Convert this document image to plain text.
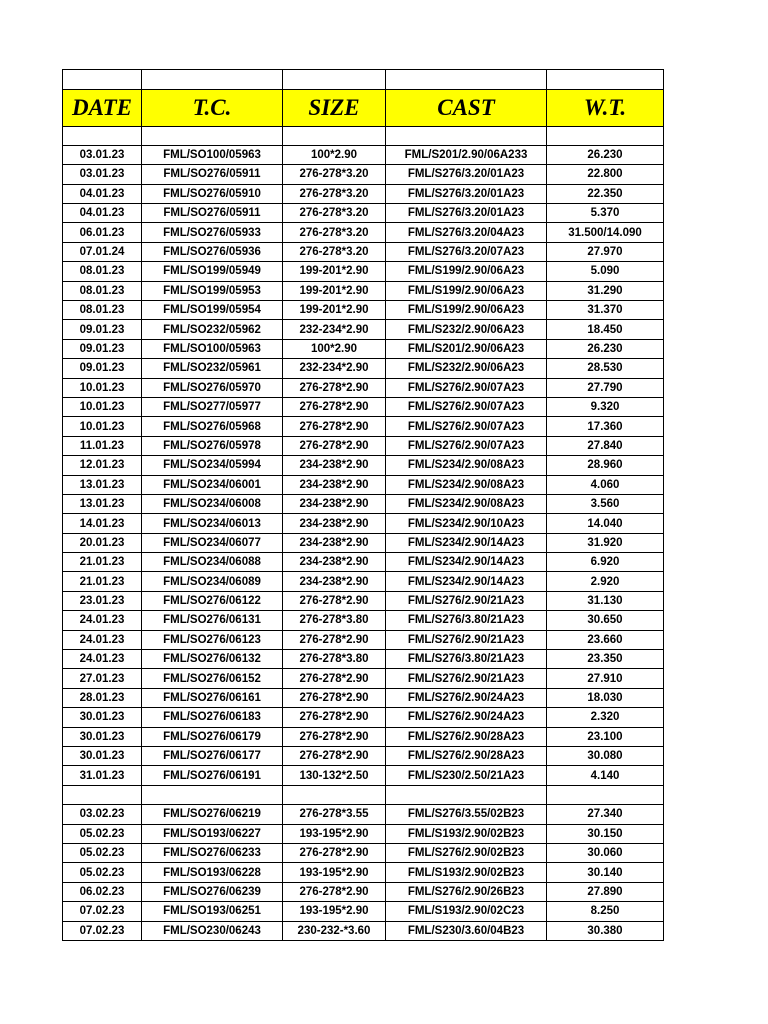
DATE	T.C.	SIZE	CAST	W.T.

03.01.23	FML/SO100/05963	100*2.90	FML/S201/2.90/06A233	26.230
03.01.23	FML/SO276/05911	276-278*3.20	FML/S276/3.20/01A23	22.800
04.01.23	FML/SO276/05910	276-278*3.20	FML/S276/3.20/01A23	22.350
04.01.23	FML/SO276/05911	276-278*3.20	FML/S276/3.20/01A23	5.370
06.01.23	FML/SO276/05933	276-278*3.20	FML/S276/3.20/04A23	31.500/14.090
07.01.24	FML/SO276/05936	276-278*3.20	FML/S276/3.20/07A23	27.970
08.01.23	FML/SO199/05949	199-201*2.90	FML/S199/2.90/06A23	5.090
08.01.23	FML/SO199/05953	199-201*2.90	FML/S199/2.90/06A23	31.290
08.01.23	FML/SO199/05954	199-201*2.90	FML/S199/2.90/06A23	31.370
09.01.23	FML/SO232/05962	232-234*2.90	FML/S232/2.90/06A23	18.450
09.01.23	FML/SO100/05963	100*2.90	FML/S201/2.90/06A23	26.230
09.01.23	FML/SO232/05961	232-234*2.90	FML/S232/2.90/06A23	28.530
10.01.23	FML/SO276/05970	276-278*2.90	FML/S276/2.90/07A23	27.790
10.01.23	FML/SO277/05977	276-278*2.90	FML/S276/2.90/07A23	9.320
10.01.23	FML/SO276/05968	276-278*2.90	FML/S276/2.90/07A23	17.360
11.01.23	FML/SO276/05978	276-278*2.90	FML/S276/2.90/07A23	27.840
12.01.23	FML/SO234/05994	234-238*2.90	FML/S234/2.90/08A23	28.960
13.01.23	FML/SO234/06001	234-238*2.90	FML/S234/2.90/08A23	4.060
13.01.23	FML/SO234/06008	234-238*2.90	FML/S234/2.90/08A23	3.560
14.01.23	FML/SO234/06013	234-238*2.90	FML/S234/2.90/10A23	14.040
20.01.23	FML/SO234/06077	234-238*2.90	FML/S234/2.90/14A23	31.920
21.01.23	FML/SO234/06088	234-238*2.90	FML/S234/2.90/14A23	6.920
21.01.23	FML/SO234/06089	234-238*2.90	FML/S234/2.90/14A23	2.920
23.01.23	FML/SO276/06122	276-278*2.90	FML/S276/2.90/21A23	31.130
24.01.23	FML/SO276/06131	276-278*3.80	FML/S276/3.80/21A23	30.650
24.01.23	FML/SO276/06123	276-278*2.90	FML/S276/2.90/21A23	23.660
24.01.23	FML/SO276/06132	276-278*3.80	FML/S276/3.80/21A23	23.350
27.01.23	FML/SO276/06152	276-278*2.90	FML/S276/2.90/21A23	27.910
28.01.23	FML/SO276/06161	276-278*2.90	FML/S276/2.90/24A23	18.030
30.01.23	FML/SO276/06183	276-278*2.90	FML/S276/2.90/24A23	2.320
30.01.23	FML/SO276/06179	276-278*2.90	FML/S276/2.90/28A23	23.100
30.01.23	FML/SO276/06177	276-278*2.90	FML/S276/2.90/28A23	30.080
31.01.23	FML/SO276/06191	130-132*2.50	FML/S230/2.50/21A23	4.140

03.02.23	FML/SO276/06219	276-278*3.55	FML/S276/3.55/02B23	27.340
05.02.23	FML/SO193/06227	193-195*2.90	FML/S193/2.90/02B23	30.150
05.02.23	FML/SO276/06233	276-278*2.90	FML/S276/2.90/02B23	30.060
05.02.23	FML/SO193/06228	193-195*2.90	FML/S193/2.90/02B23	30.140
06.02.23	FML/SO276/06239	276-278*2.90	FML/S276/2.90/26B23	27.890
07.02.23	FML/SO193/06251	193-195*2.90	FML/S193/2.90/02C23	8.250
07.02.23	FML/SO230/06243	230-232-*3.60	FML/S230/3.60/04B23	30.380
